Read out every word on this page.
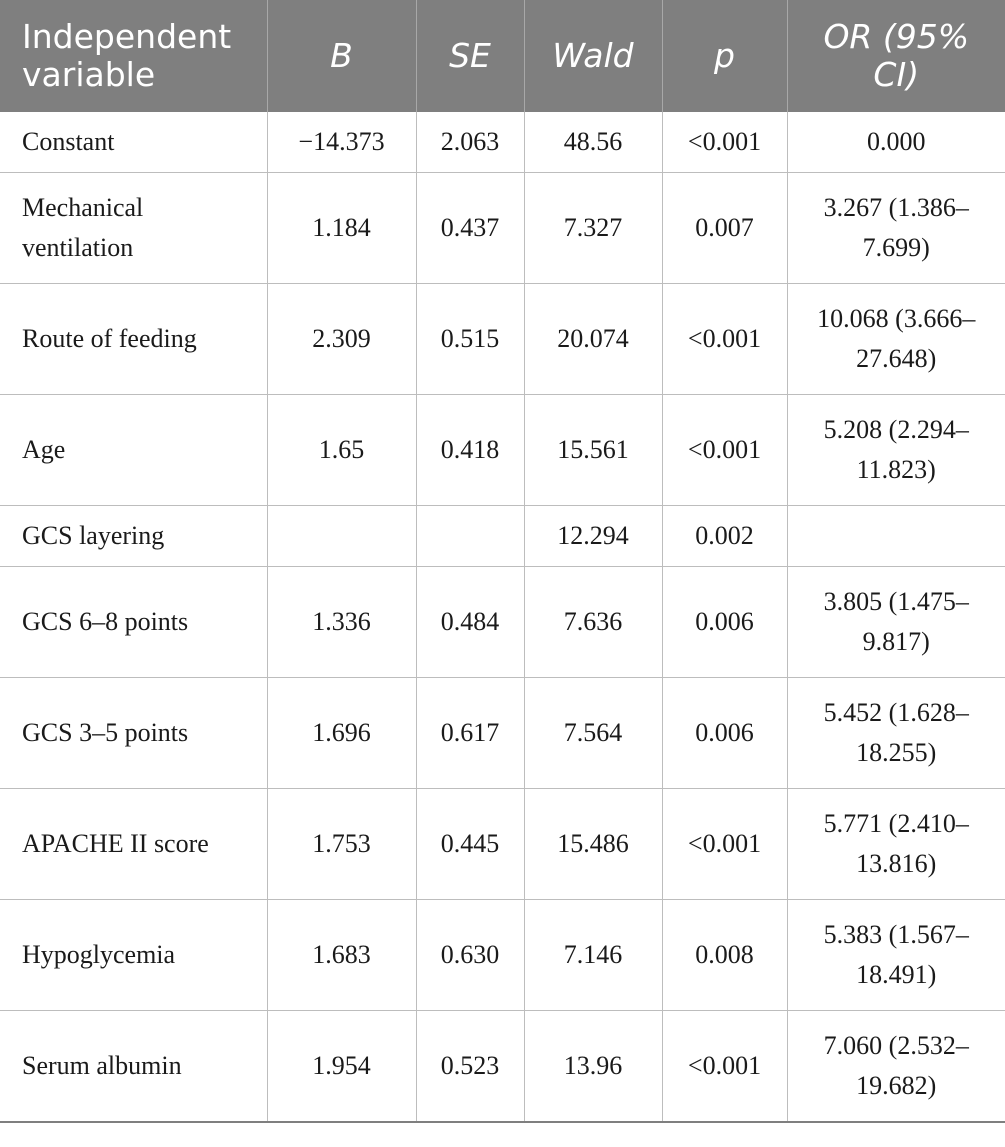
Independent variable	B	SE	Wald	p	OR (95% CI)
Constant	−14.373	2.063	48.56	<0.001	0.000
Mechanical ventilation	1.184	0.437	7.327	0.007	3.267 (1.386–7.699)
Route of feeding	2.309	0.515	20.074	<0.001	10.068 (3.666–27.648)
Age	1.65	0.418	15.561	<0.001	5.208 (2.294–11.823)
GCS layering			12.294	0.002	
GCS 6–8 points	1.336	0.484	7.636	0.006	3.805 (1.475–9.817)
GCS 3–5 points	1.696	0.617	7.564	0.006	5.452 (1.628–18.255)
APACHE II score	1.753	0.445	15.486	<0.001	5.771 (2.410–13.816)
Hypoglycemia	1.683	0.630	7.146	0.008	5.383 (1.567–18.491)
Serum albumin	1.954	0.523	13.96	<0.001	7.060 (2.532–19.682)
